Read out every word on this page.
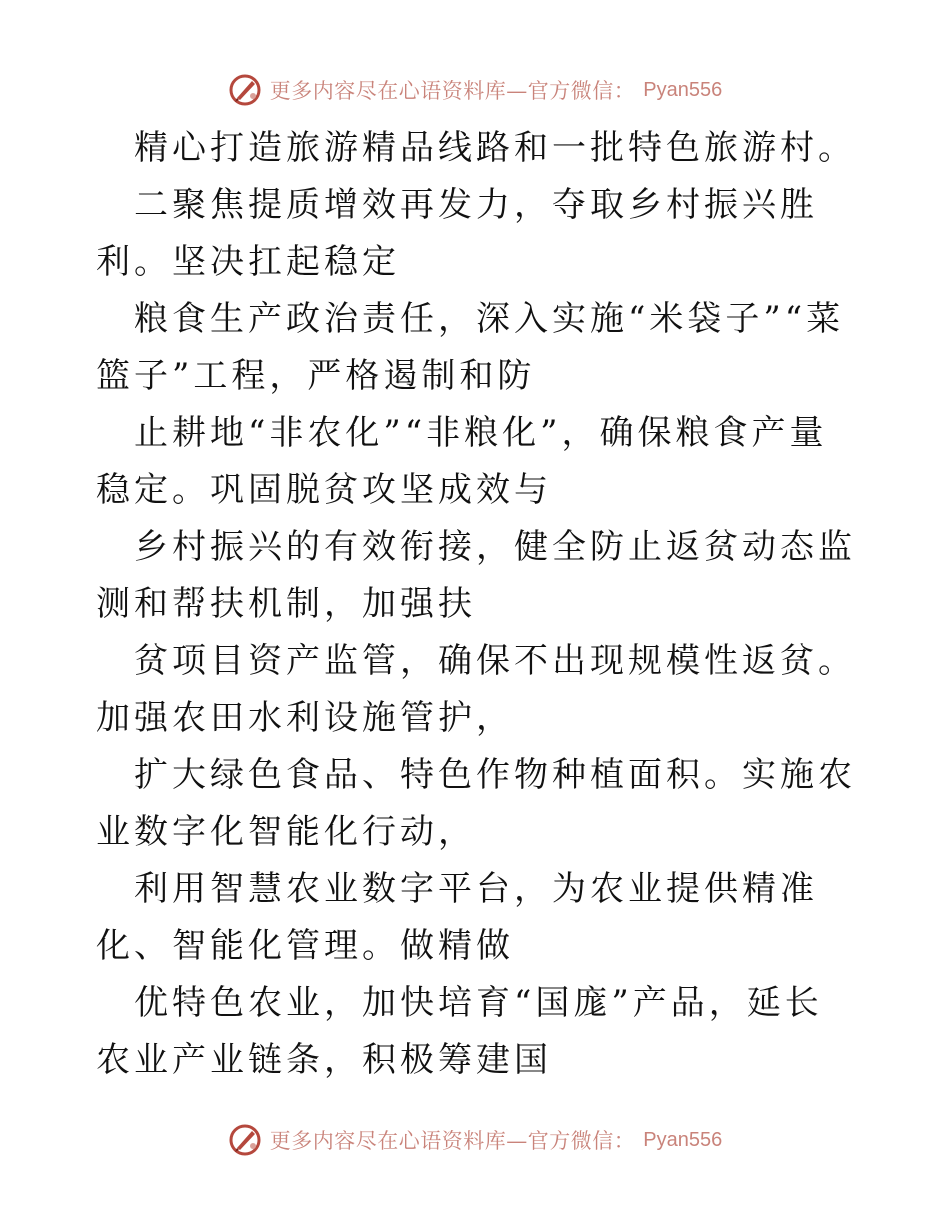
更多内容尽在心语资料库—官方微信： Pyan556

精心打造旅游精品线路和一批特色旅游村。

二聚焦提质增效再发力，夺取乡村振兴胜利。坚决扛起稳定

粮食生产政治责任，深入实施“米袋子”“菜篮子”工程，严格遏制和防

止耕地“非农化”“非粮化”，确保粮食产量稳定。巩固脱贫攻坚成效与

乡村振兴的有效衔接，健全防止返贫动态监测和帮扶机制，加强扶

贫项目资产监管，确保不出现规模性返贫。加强农田水利设施管护，

扩大绿色食品、特色作物种植面积。实施农业数字化智能化行动，

利用智慧农业数字平台，为农业提供精准化、智能化管理。做精做

优特色农业，加快培育“国庬”产品，延长农业产业链条，积极筹建国

更多内容尽在心语资料库—官方微信： Pyan556
